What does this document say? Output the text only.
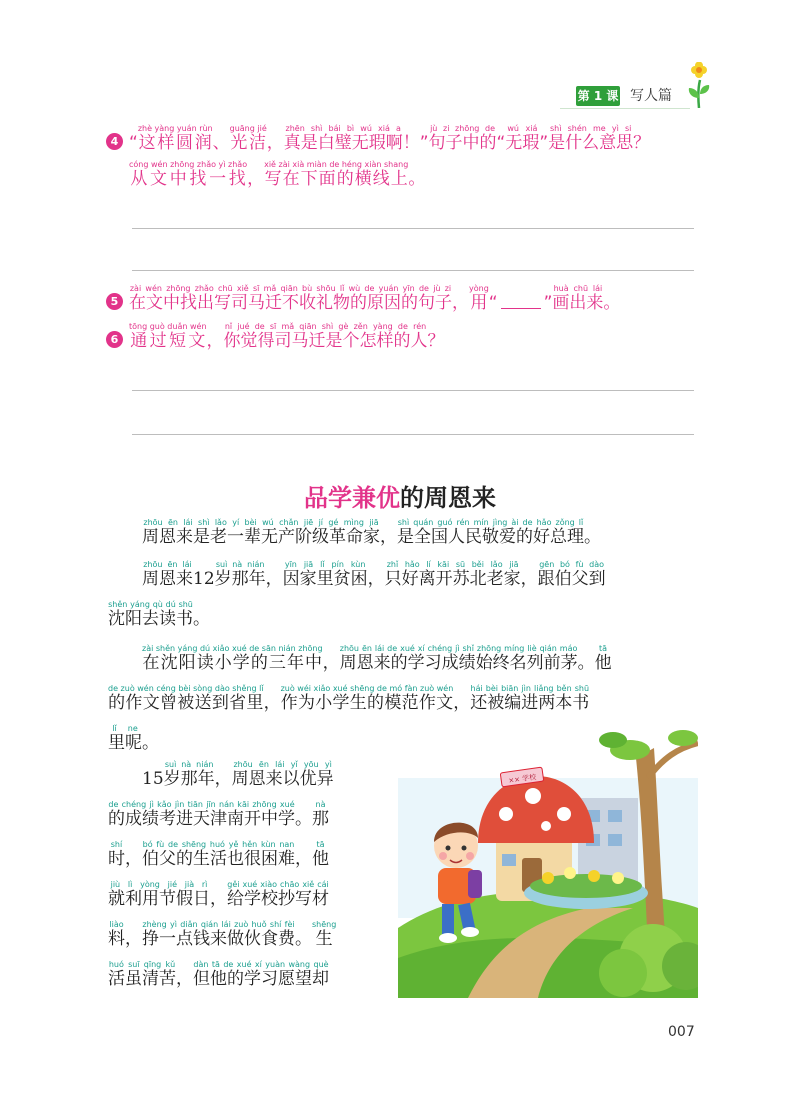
第 1 课 写人篇
4 “ 这样圆润zhè yàng yuán rùn
、 光洁guāng jié
， 真是白璧无瑕啊zhēn shì bái bì wú xiá a
！” 句子中的jù zi zhōng de
“ 无瑕wú xiá
” 是什么意思shì shén me yì si
？
从文中找一找cóng wén zhōng zhǎo yì zhǎo
， 写在下面的横线上xiě zài xià miàn de héng xiàn shang
。
5 在文中找出写司马迁不收礼物的原因的句子zài wén zhōng zhǎo chū xiě sī mǎ qiān bù shōu lǐ wù de yuán yīn de jù zi
， 用yòng
“	” 画出来huà chū lái
。
6 通过短文tōng guò duǎn wén
， 你觉得司马迁是个怎样的人nǐ jué de sī mǎ qiān shì gè zěn yàng de rén
？
品学兼优的周恩来
周恩来是老一辈无产阶级革命家zhōu ēn lái shì lǎo yí bèi wú chǎn jiē jí gé mìng jiā
， 是全国人民敬爱的好总理shì quán guó rén mín jìng ài de hǎo zǒng lǐ
。
周恩来zhōu ēn lái
12 岁那年suì nà nián
， 因家里贫困yīn jiā lǐ pín kùn
， 只好离开苏北老家zhǐ hǎo lí kāi sū běi lǎo jiā
， 跟伯父到gēn bó fù dào
沈阳去读书shěn yáng qù dú shū
。
在沈阳读小学的三年中zài shěn yáng dú xiǎo xué de sān nián zhōng
， 周恩来的学习成绩始终名列前茅zhōu ēn lái de xué xí chéng jì shǐ zhōng míng liè qián máo
。 他tā
的作文曾被送到省里de zuò wén céng bèi sòng dào shěng lǐ
， 作为小学生的模范作文zuò wéi xiǎo xué shēng de mó fàn zuò wén
， 还被编进两本书hái bèi biān jìn liǎng běn shū
里呢lǐ ne
。
15 岁那年suì nà nián
， 周恩来以优异zhōu ēn lái yǐ yōu yì
的成绩考进天津南开中学de chéng jì kǎo jìn tiān jīn nán kāi zhōng xué
。 那nà
时shí
， 伯父的生活也很困难bó fù de shēng huó yě hěn kùn nan
， 他tā
就利用节假日jiù lì yòng jié jià rì
， 给学校抄写材gěi xué xiào chāo xiě cái
料liào
， 挣一点钱来做伙食费zhèng yì diǎn qián lái zuò huǒ shí fèi
。 生shēng
活虽清苦huó suī qīng kǔ
， 但他的学习愿望却dàn tā de xué xí yuàn wàng què
×× 学校
007
